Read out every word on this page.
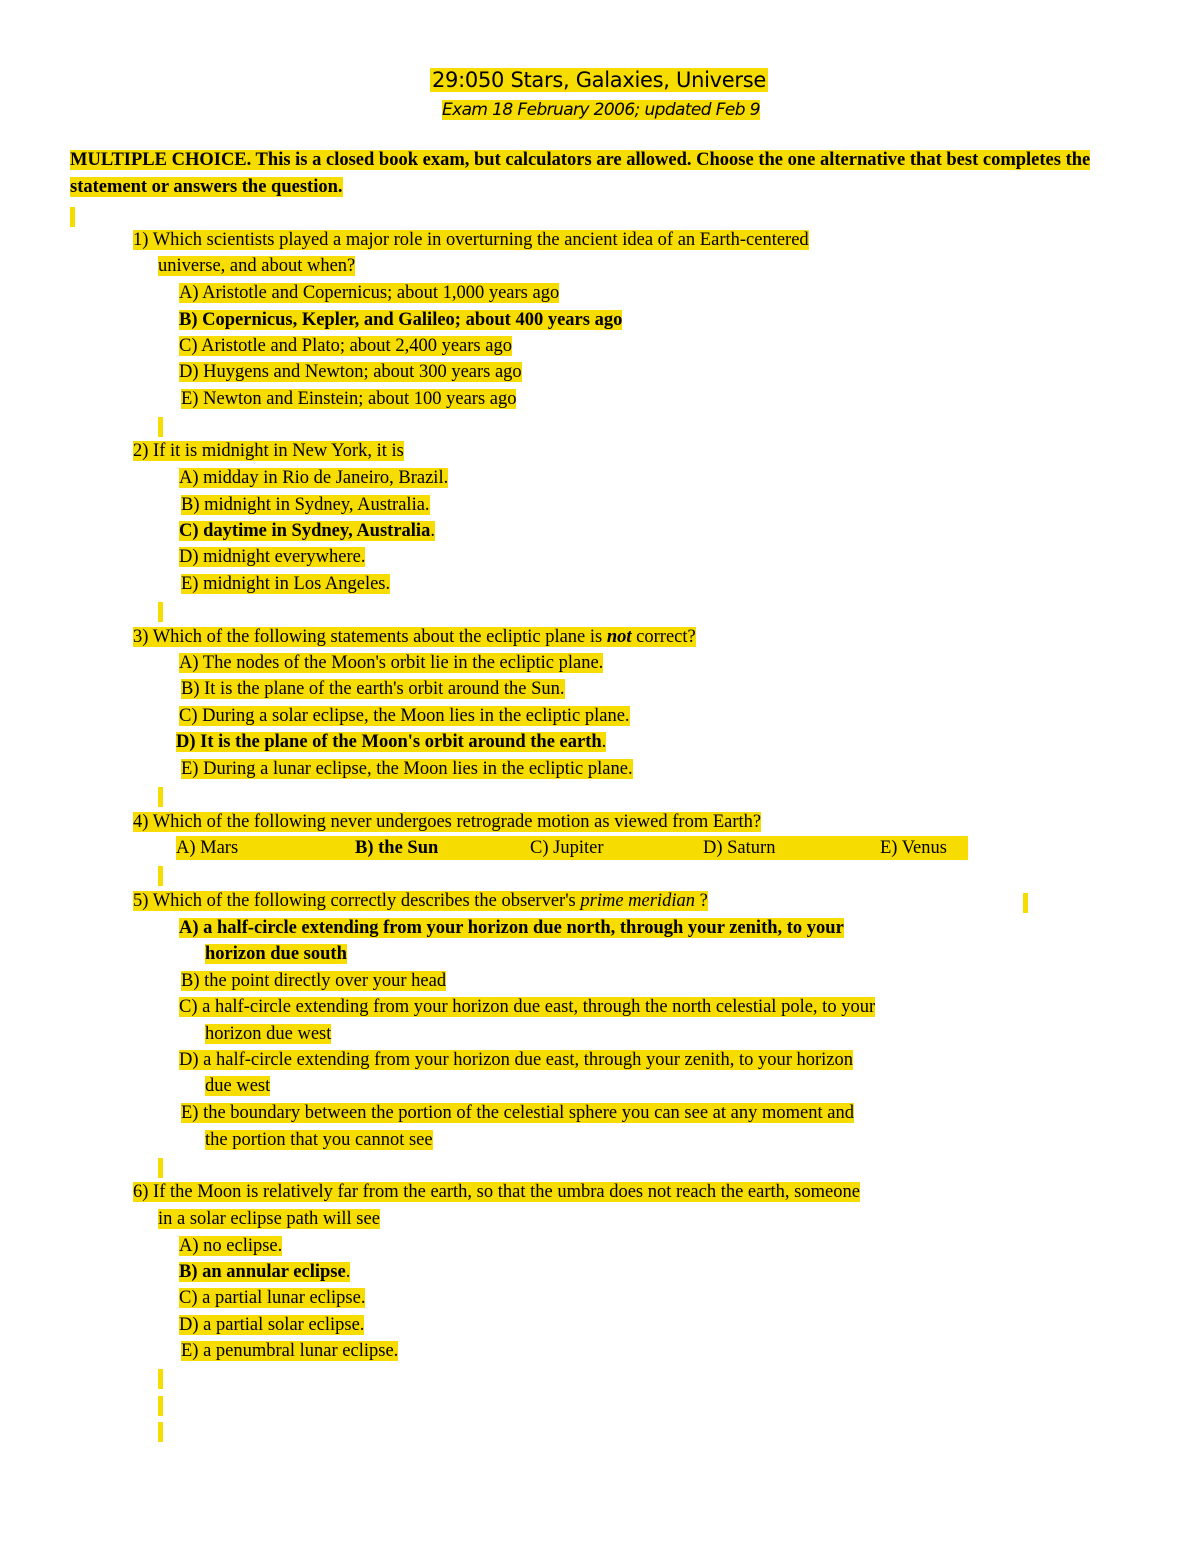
29:050 Stars, Galaxies, Universe
Exam 18 February 2006; updated Feb 9
MULTIPLE CHOICE. This is a closed book exam, but calculators are allowed. Choose the one alternative that best completes the statement or answers the question.
1) Which scientists played a major role in overturning the ancient idea of an Earth-centered
universe, and about when?
A) Aristotle and Copernicus; about 1,000 years ago
B) Copernicus, Kepler, and Galileo; about 400 years ago
C) Aristotle and Plato; about 2,400 years ago
D) Huygens and Newton; about 300 years ago
E) Newton and Einstein; about 100 years ago
2) If it is midnight in New York, it is
A) midday in Rio de Janeiro, Brazil.
B) midnight in Sydney, Australia.
C) daytime in Sydney, Australia.
D) midnight everywhere.
E) midnight in Los Angeles.
3) Which of the following statements about the ecliptic plane is not correct?
A) The nodes of the Moon's orbit lie in the ecliptic plane.
B) It is the plane of the earth's orbit around the Sun.
C) During a solar eclipse, the Moon lies in the ecliptic plane.
D) It is the plane of the Moon's orbit around the earth.
E) During a lunar eclipse, the Moon lies in the ecliptic plane.
4) Which of the following never undergoes retrograde motion as viewed from Earth?
A) Mars	B) the Sun	C) Jupiter	D) Saturn	E) Venus
5) Which of the following correctly describes the observer's prime meridian ?
A) a half-circle extending from your horizon due north, through your zenith, to your
horizon due south
B) the point directly over your head
C) a half-circle extending from your horizon due east, through the north celestial pole, to your
horizon due west
D) a half-circle extending from your horizon due east, through your zenith, to your horizon
due west
E) the boundary between the portion of the celestial sphere you can see at any moment and
the portion that you cannot see
6) If the Moon is relatively far from the earth, so that the umbra does not reach the earth, someone
in a solar eclipse path will see
A) no eclipse.
B) an annular eclipse.
C) a partial lunar eclipse.
D) a partial solar eclipse.
E) a penumbral lunar eclipse.
